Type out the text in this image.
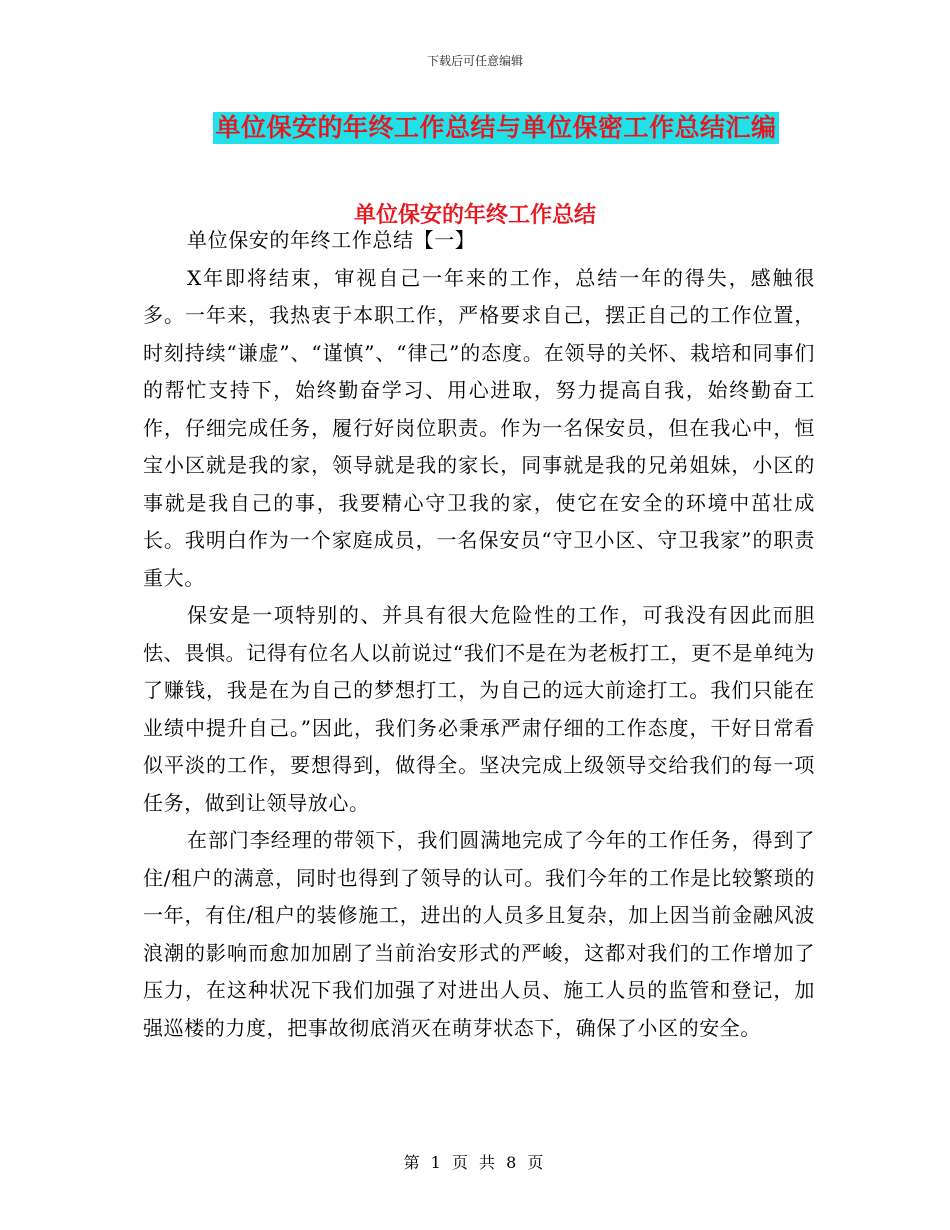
下载后可任意编辑
单位保安的年终工作总结与单位保密工作总结汇编
单位保安的年终工作总结

单位保安的年终工作总结【一】

X年即将结束，审视自己一年来的工作，总结一年的得失，感触很多。一年来，我热衷于本职工作，严格要求自己，摆正自己的工作位置，时刻持续“谦虚”、“谨慎”、“律己”的态度。在领导的关怀、栽培和同事们的帮忙支持下，始终勤奋学习、用心进取，努力提高自我，始终勤奋工作，仔细完成任务，履行好岗位职责。作为一名保安员，但在我心中，恒宝小区就是我的家，领导就是我的家长，同事就是我的兄弟姐妹，小区的事就是我自己的事，我要精心守卫我的家，使它在安全的环境中茁壮成长。我明白作为一个家庭成员，一名保安员“守卫小区、守卫我家”的职责重大。

保安是一项特别的、并具有很大危险性的工作，可我没有因此而胆怯、畏惧。记得有位名人以前说过“我们不是在为老板打工，更不是单纯为了赚钱，我是在为自己的梦想打工，为自己的远大前途打工。我们只能在业绩中提升自己。”因此，我们务必秉承严肃仔细的工作态度，干好日常看似平淡的工作，要想得到，做得全。坚决完成上级领导交给我们的每一项任务，做到让领导放心。

在部门李经理的带领下，我们圆满地完成了今年的工作任务，得到了住/租户的满意，同时也得到了领导的认可。我们今年的工作是比较繁琐的一年，有住/租户的装修施工，进出的人员多且复杂，加上因当前金融风波浪潮的影响而愈加加剧了当前治安形式的严峻，这都对我们的工作增加了压力，在这种状况下我们加强了对进出人员、施工人员的监管和登记，加强巡楼的力度，把事故彻底消灭在萌芽状态下，确保了小区的安全。

第 1 页 共 8 页
